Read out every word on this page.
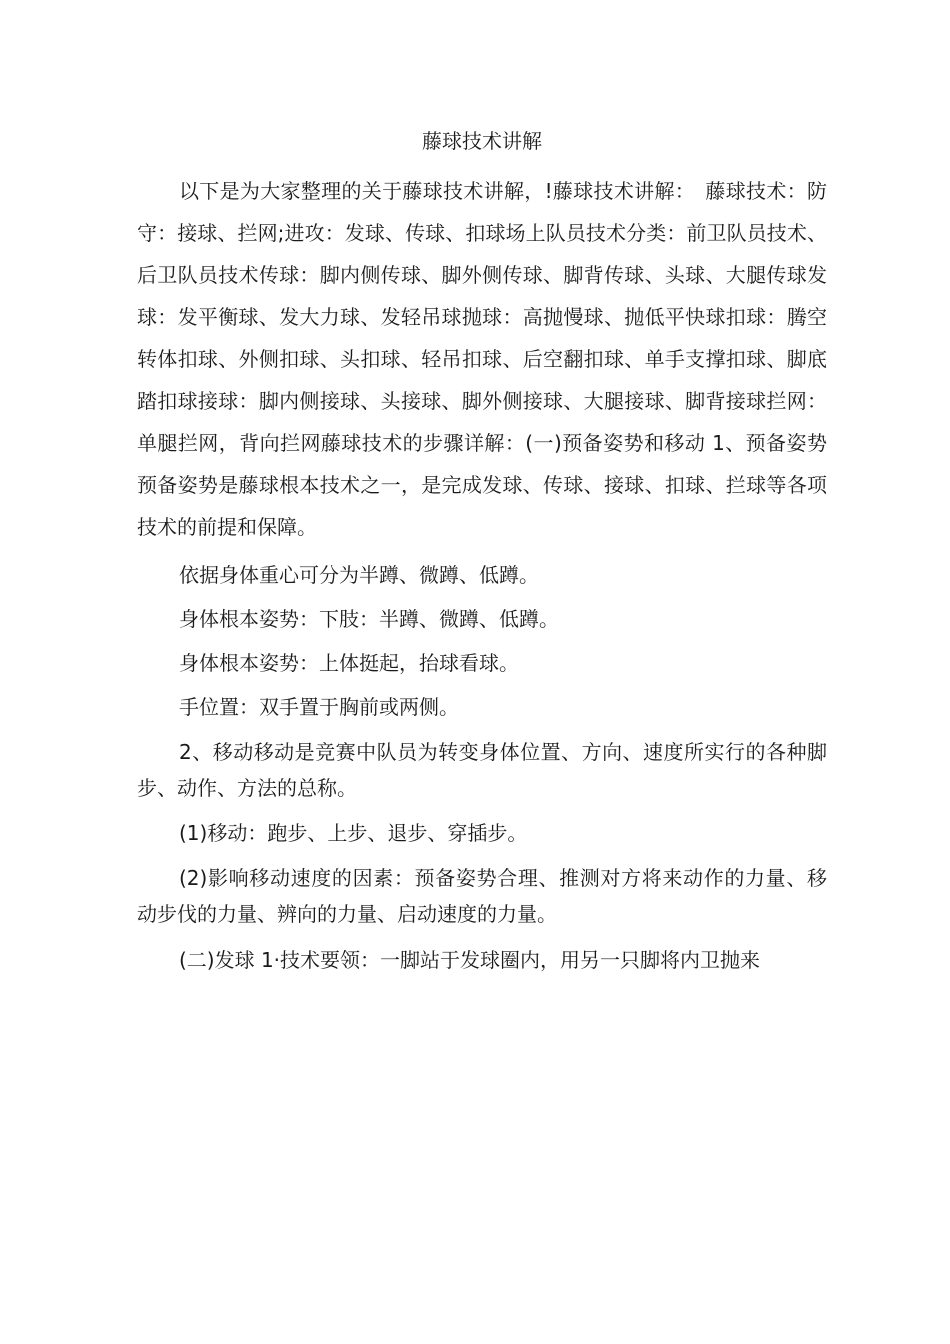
藤球技术讲解

以下是为大家整理的关于藤球技术讲解，!藤球技术讲解：　藤球技术：防守：接球、拦网;进攻：发球、传球、扣球场上队员技术分类：前卫队员技术、后卫队员技术传球：脚内侧传球、脚外侧传球、脚背传球、头球、大腿传球发球：发平衡球、发大力球、发轻吊球抛球：高抛慢球、抛低平快球扣球：腾空转体扣球、外侧扣球、头扣球、轻吊扣球、后空翻扣球、单手支撑扣球、脚底踏扣球接球：脚内侧接球、头接球、脚外侧接球、大腿接球、脚背接球拦网：单腿拦网，背向拦网藤球技术的步骤详解：(一)预备姿势和移动 1、预备姿势预备姿势是藤球根本技术之一，是完成发球、传球、接球、扣球、拦球等各项技术的前提和保障。

依据身体重心可分为半蹲、微蹲、低蹲。

身体根本姿势：下肢：半蹲、微蹲、低蹲。

身体根本姿势：上体挺起，抬球看球。

手位置：双手置于胸前或两侧。

2、移动移动是竞赛中队员为转变身体位置、方向、速度所实行的各种脚步、动作、方法的总称。

(1)移动：跑步、上步、退步、穿插步。

(2)影响移动速度的因素：预备姿势合理、推测对方将来动作的力量、移动步伐的力量、辨向的力量、启动速度的力量。

(二)发球 1·技术要领：一脚站于发球圈内，用另一只脚将内卫抛来
